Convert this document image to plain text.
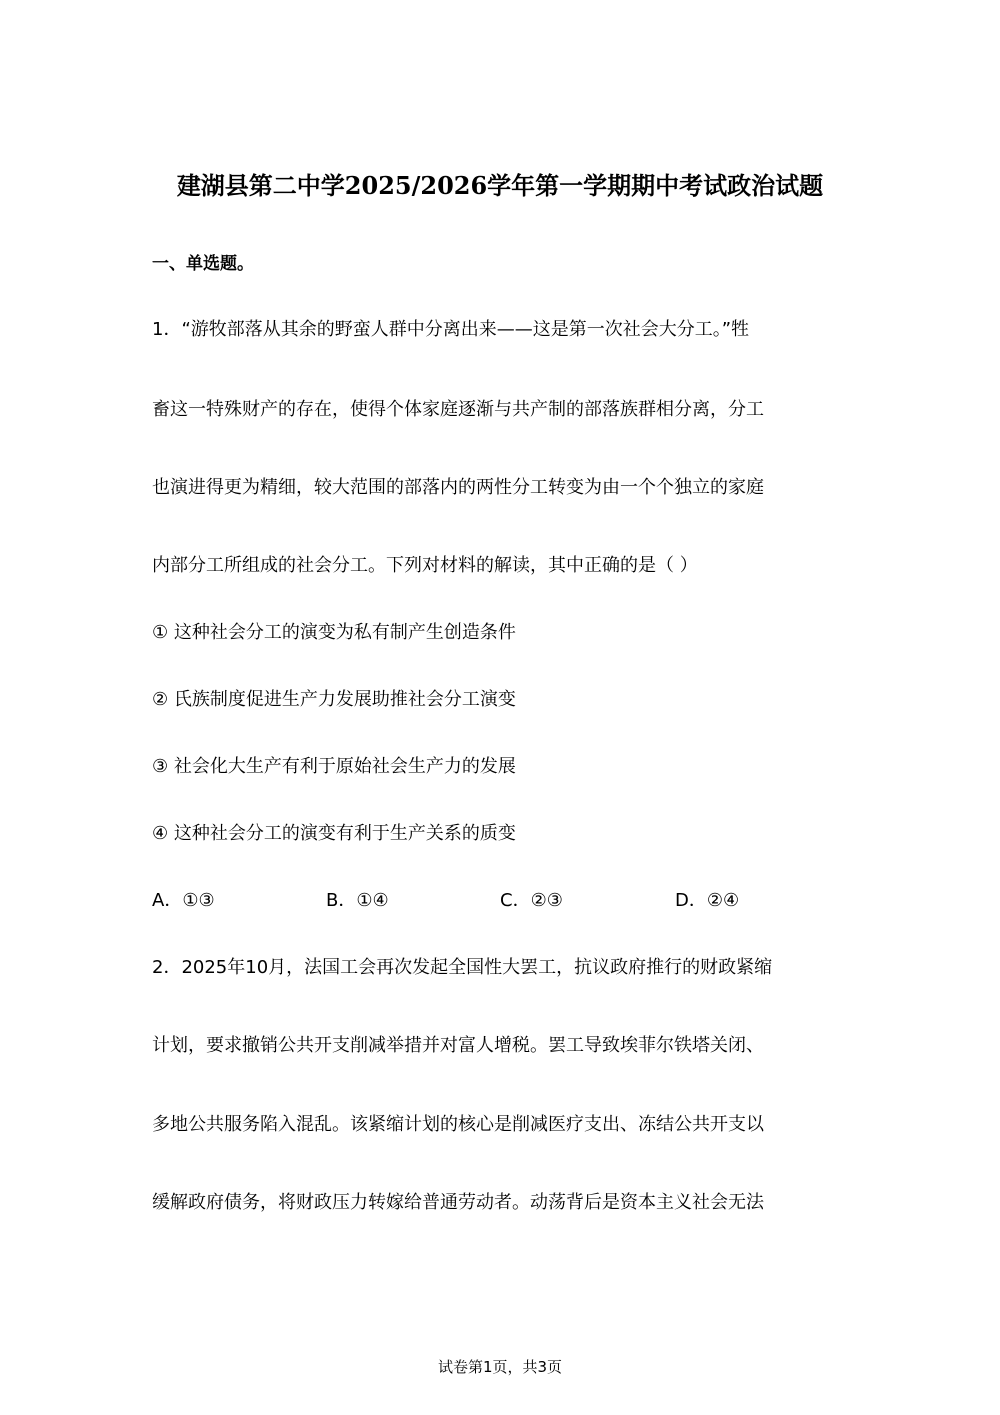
建湖县第二中学2025/2026学年第一学期期中考试政治试题
一、单选题。
1．“游牧部落从其余的野蛮人群中分离出来——这是第一次社会大分工。”牲
畜这一特殊财产的存在，使得个体家庭逐渐与共产制的部落族群相分离，分工
也演进得更为精细，较大范围的部落内的两性分工转变为由一个个独立的家庭
内部分工所组成的社会分工。下列对材料的解读，其中正确的是（ ）
① 这种社会分工的演变为私有制产生创造条件
② 氏族制度促进生产力发展助推社会分工演变
③ 社会化大生产有利于原始社会生产力的发展
④ 这种社会分工的演变有利于生产关系的质变
A．①③	B．①④	C．②③	D．②④
2．2025年10月，法国工会再次发起全国性大罢工，抗议政府推行的财政紧缩
计划，要求撤销公共开支削减举措并对富人增税。罢工导致埃菲尔铁塔关闭、
多地公共服务陷入混乱。该紧缩计划的核心是削减医疗支出、冻结公共开支以
缓解政府债务，将财政压力转嫁给普通劳动者。动荡背后是资本主义社会无法
试卷第1页，共3页
